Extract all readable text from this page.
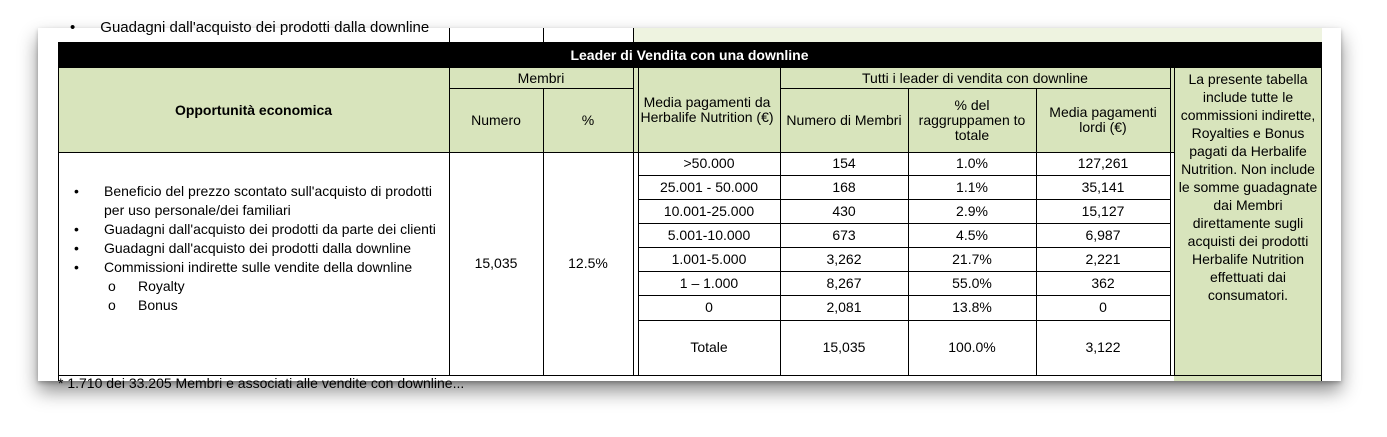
• Guadagni dall'acquisto dei prodotti dalla downline
Leader di Vendita con una downline
Opportunità economica
Membri
Numero	%
Media pagamenti da Herbalife Nutrition (€)
Tutti i leader di vendita con downline
Numero di Membri
% del raggruppamen to totale
Media pagamenti lordi (€)
La presente tabella include tutte le commissioni indirette, Royalties e Bonus pagati da Herbalife Nutrition. Non include le somme guadagnate dai Membri direttamente sugli acquisti dei prodotti Herbalife Nutrition effettuati dai consumatori.
• Beneficio del prezzo scontato sull'acquisto di prodotti per uso personale/dei familiari
• Guadagni dall'acquisto dei prodotti da parte dei clienti
• Guadagni dall'acquisto dei prodotti dalla downline
• Commissioni indirette sulle vendite della downline
o Royalty
o Bonus
15,035	12.5%
>50.000	154	1.0%	127,261
25.001 - 50.000	168	1.1%	35,141
10.001-25.000	430	2.9%	15,127
5.001-10.000	673	4.5%	6,987
1.001-5.000	3,262	21.7%	2,221
1 – 1.000	8,267	55.0%	362
0	2,081	13.8%	0
Totale	15,035	100.0%	3,122
* 1.710 dei 33.205 Membri e associati alle vendite con downline...
